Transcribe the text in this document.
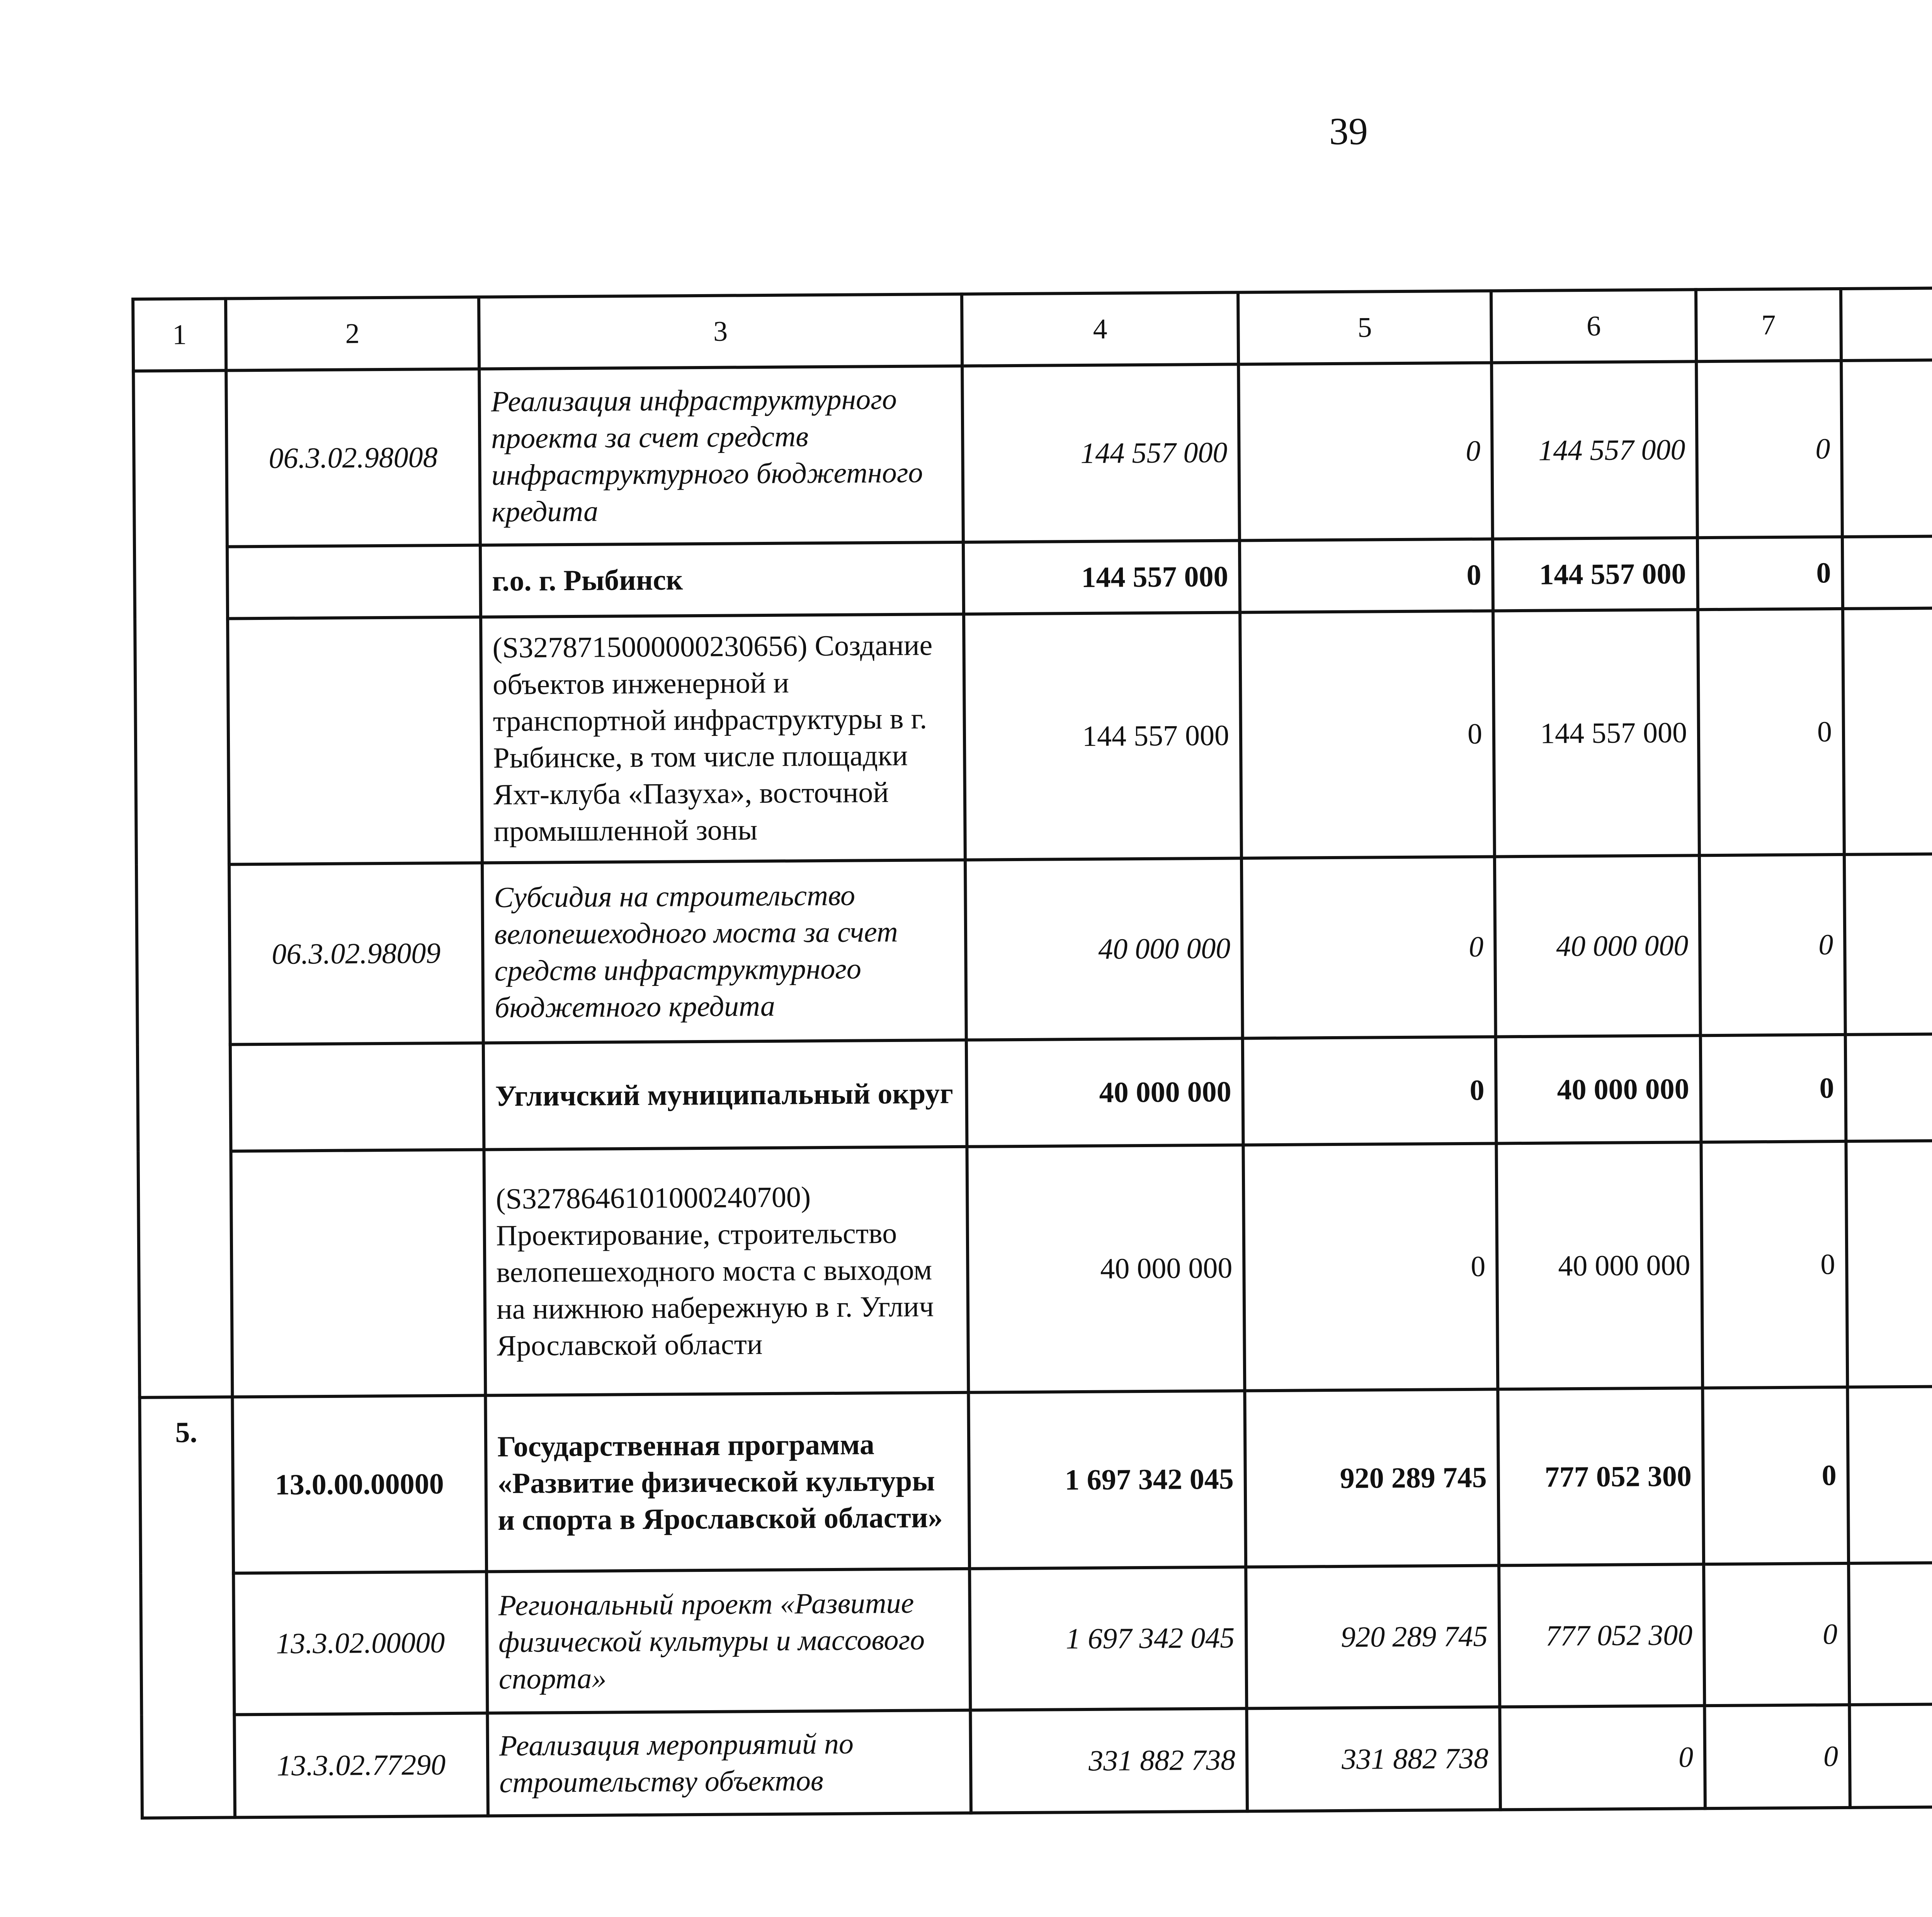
39
1	2	3	4	5	6	7				
	06.3.02.98008	Реализация инфраструктурного проекта за счет средств инфраструктурного бюджетного кредита	144 557 000	0	144 557 000	0				
		г.о. г. Рыбинск	144 557 000	0	144 557 000	0				
		(S3278715000000230656) Создание объектов инженерной и транспортной инфраструктуры в г. Рыбинске, в том числе площадки Яхт-клуба «Пазуха», восточной промышленной зоны	144 557 000	0	144 557 000	0				
	06.3.02.98009	Субсидия на строительство велопешеходного моста за счет средств инфраструктурного бюджетного кредита	40 000 000	0	40 000 000	0				
		Угличский муниципальный округ	40 000 000	0	40 000 000	0				
		(S3278646101000240700) Проектирование, строительство велопешеходного моста с выходом на нижнюю набережную в г. Углич Ярославской области	40 000 000	0	40 000 000	0				
5.	13.0.00.00000	Государственная программа «Развитие физической культуры и спорта в Ярославской области»	1 697 342 045	920 289 745	777 052 300	0				
	13.3.02.00000	Региональный проект «Развитие физической культуры и массового спорта»	1 697 342 045	920 289 745	777 052 300	0				
	13.3.02.77290	Реализация мероприятий по строительству объектов	331 882 738	331 882 738	0	0				
